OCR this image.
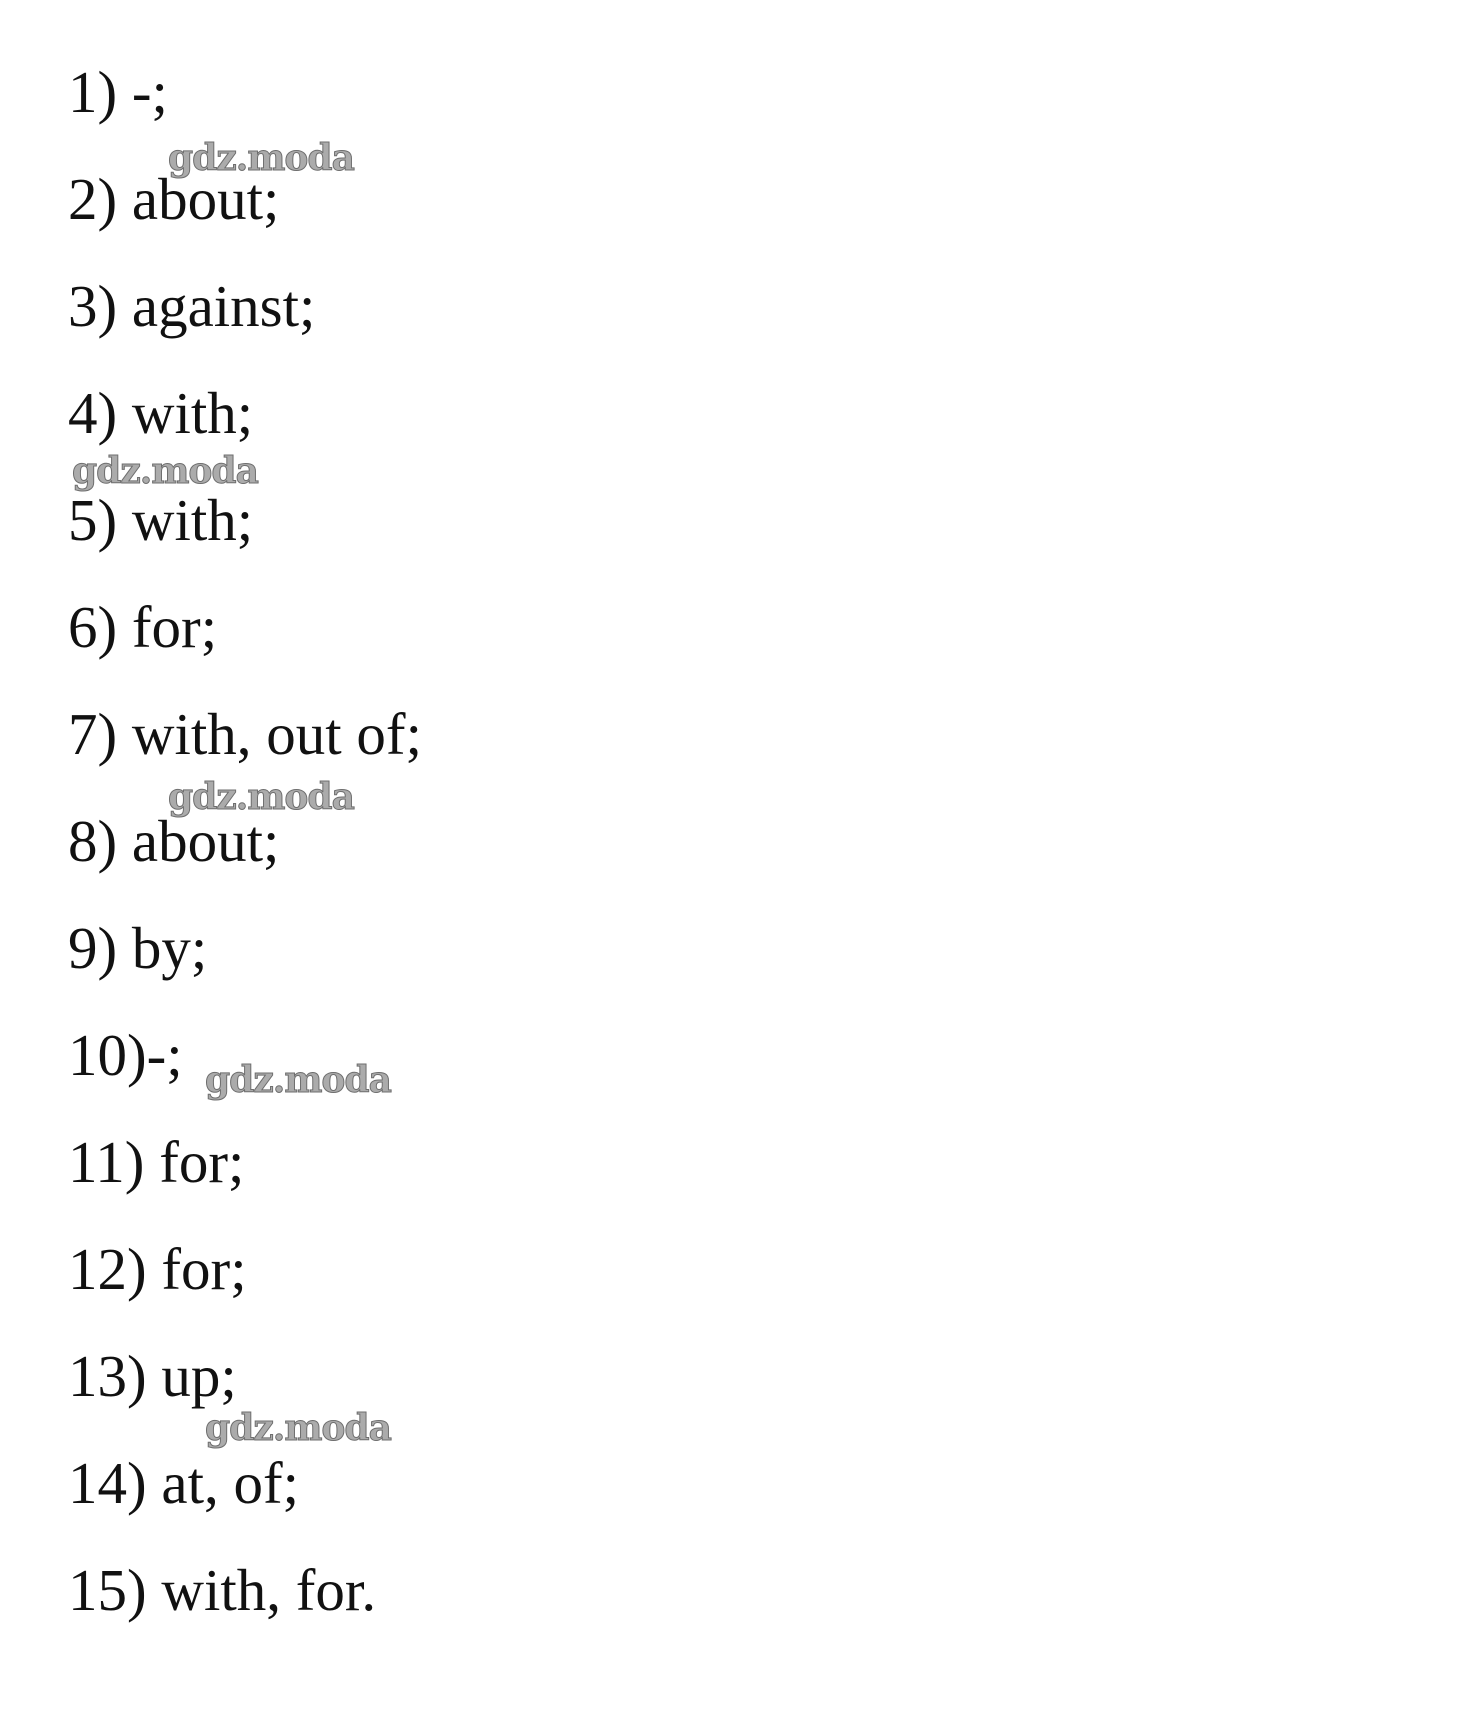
1) -;
2) about;
3) against;
4) with;
5) with;
6) for;
7) with, out of;
8) about;
9) by;
10)-;
11) for;
12) for;
13) up;
14) at, of;
15) with, for.
gdz.moda
gdz.moda
gdz.moda
gdz.moda
gdz.moda
